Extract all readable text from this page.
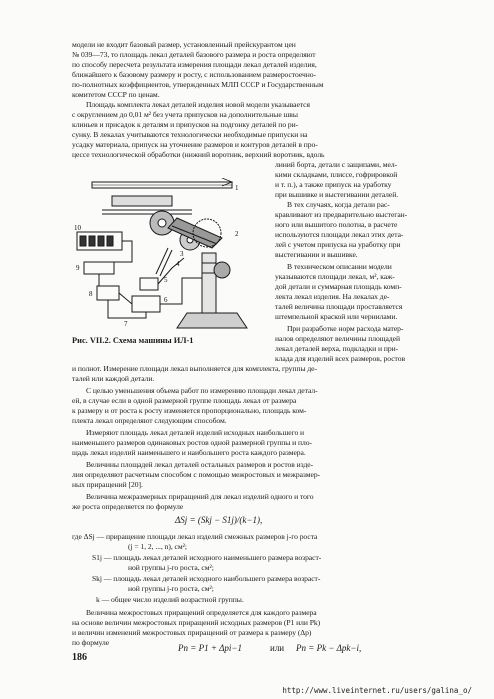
модели не входит базовый размер, установленный прейскурантом цен
№ 039—73, то площадь лекал деталей базового размера и роста определяют
по способу пересчета результата измерения площади лекал деталей изделия,
ближайшего к базовому размеру и росту, с использованием размеростоечно-
по-полнотных коэффициентов, утвержденных МЛП СССР и Государственным
комитетом СССР по ценам.
Площадь комплекта лекал деталей изделия новой модели указывается
с округлением до 0,01 м² без учета припусков на дополнительные швы
клиньев и присадок к деталям и припусков на подгонку деталей по ри-
сунку. В лекалах учитываются технологически необходимые припуски на
усадку материала, припуск на уточнение размеров и контуров деталей в про-
цессе технологической обработки (нижний воротник, верхний воротник, вдоль
линий борта, детали с защипами, мел-
кими складками, плиссе, гофрировкой
и т. п.), а также припуск на уработку
при вышивке и выстегивании деталей.
В тех случаях, когда детали рас-
кравливают из предварительно выстеган-
ного или вышитого полотна, в расчете
используются площади лекал этих дета-
лей с учетом припуска на уработку при
выстегивании и вышивке.
В техническом описании модели
указываются площади лекал, м², каж-
дой детали и суммарная площадь комп-
лекта лекал изделия. На лекалах де-
талей величина площади проставляется
штемпельной краской или чернилами.
При разработке норм расхода матер-
иалов определяют величины площадей
лекал деталей верха, подкладки и при-
клада для изделий всех размеров, ростов
10
9
8
7
6
5
4
3
2
1
Рис. VII.2. Схема машины ИЛ-1
и полнот. Измерение площади лекал выполняется для комплекта, группы де-
талей или каждой детали.
С целью уменьшения объема работ по измерению площади лекал детал-
ей, в случае если в одной размерной группе площадь лекал от размера
к размеру и от роста к росту изменяется пропорционально, площадь ком-
плекта лекал определяют следующим способом.
Измеряют площадь лекал деталей изделий исходных наибольшего и
наименьшего размеров одинаковых ростов одной размерной группы и пло-
щадь лекал изделий наименьшего и наибольшего роста каждого размера.
Величины площадей лекал деталей остальных размеров и ростов изде-
лия определяют расчетным способом с помощью межростовых и межразмер-
ных приращений [20].
Величина межразмерных приращений для лекал изделий одного и того
же роста определяется по формуле
ΔSj = (Skj − S1j)/(k−1),
где ΔSj — приращение площади лекал изделий смежных размеров j-го роста
(j = 1, 2, ..., n), см²;
S1j — площадь лекал деталей исходного наименьшего размера возраст-
ной группы j-го роста, см²;
Skj — площадь лекал деталей исходного наибольшего размера возраст-
ной группы j-го роста, см²;
k — общее число изделий возрастной группы.
Величина межростовых приращений определяется для каждого размера
на основе величин межростовых приращений исходных размеров (P1 или Pk)
и величин изменений межростовых приращений от размера к размеру (Δp)
по формуле
Pn = P1 + Δpi−1	или Pn = Pk − Δpk−i,
186
http://www.liveinternet.ru/users/galina_o/
